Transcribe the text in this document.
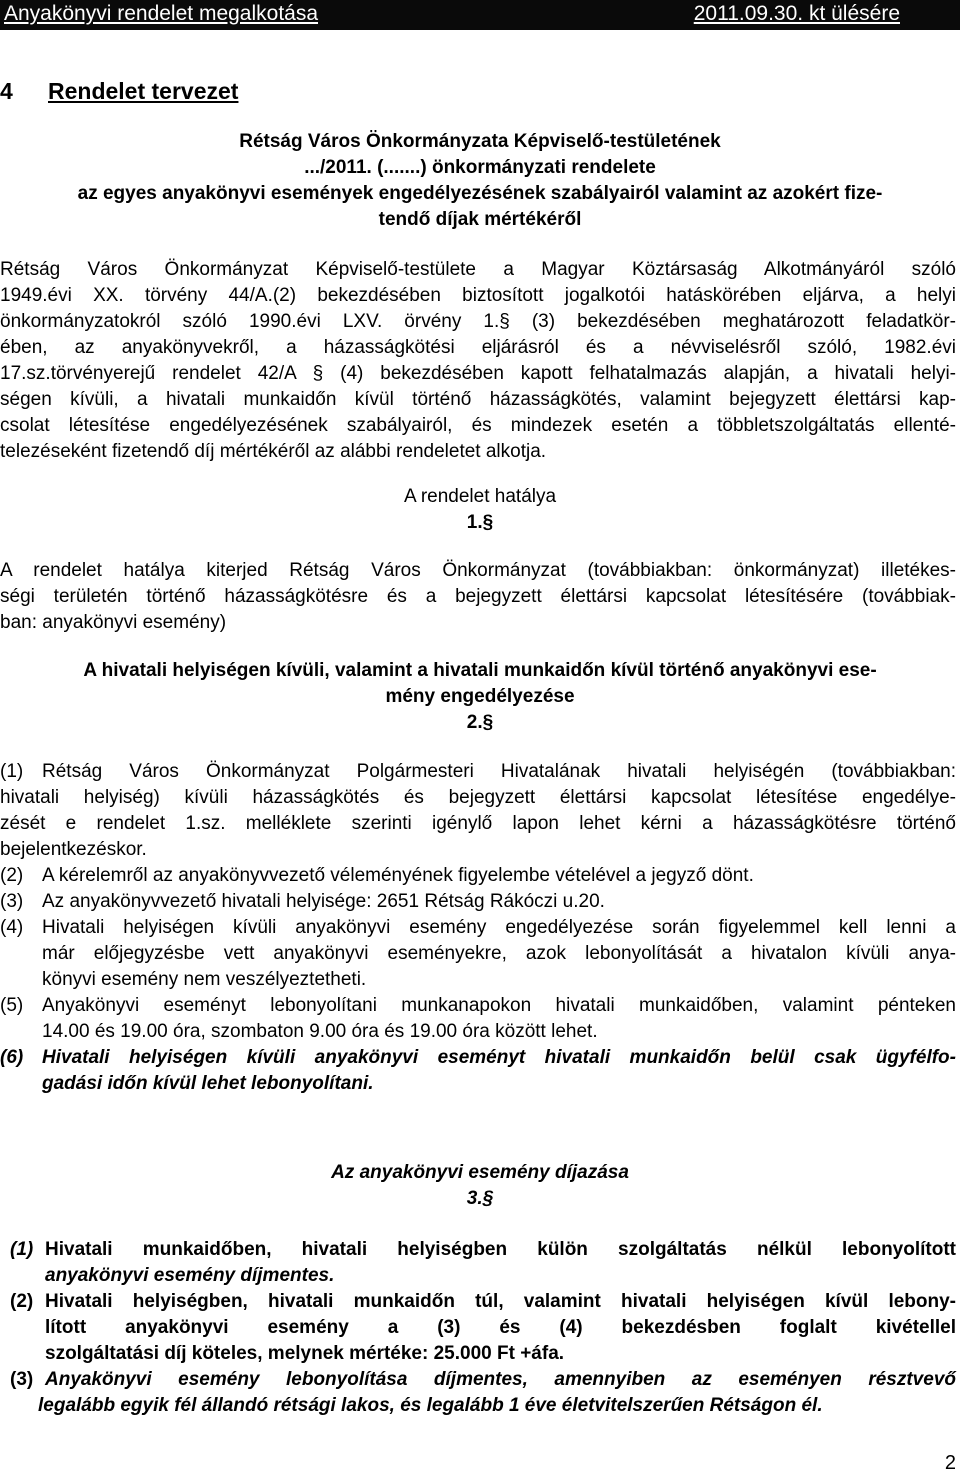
Anyakönyvi rendelet megalkotása	2011.09.30. kt ülésére
4 Rendelet tervezet
Rétság Város Önkormányzata Képviselő-testületének
.../2011. (.......) önkormányzati rendelete
az egyes anyakönyvi események engedélyezésének szabályairól valamint az azokért fize-
tendő díjak mértékéről
Rétság Város Önkormányzat Képviselő-testülete a Magyar Köztársaság Alkotmányáról szóló
1949.évi XX. törvény 44/A.(2) bekezdésében biztosított jogalkotói hatáskörében eljárva, a helyi
önkormányzatokról szóló 1990.évi LXV. örvény 1.§ (3) bekezdésében meghatározott feladatkör-
ében, az anyakönyvekről, a házasságkötési eljárásról és a névviselésről szóló, 1982.évi
17.sz.törvényerejű rendelet 42/A § (4) bekezdésében kapott felhatalmazás alapján, a hivatali helyi-
ségen kívüli, a hivatali munkaidőn kívül történő házasságkötés, valamint bejegyzett élettársi kap-
csolat létesítése engedélyezésének szabályairól, és mindezek esetén a többletszolgáltatás ellenté-
telezéseként fizetendő díj mértékéről az alábbi rendeletet alkotja.
A rendelet hatálya
1.§
A rendelet hatálya kiterjed Rétság Város Önkormányzat (továbbiakban: önkormányzat) illetékes-
ségi területén történő házasságkötésre és a bejegyzett élettársi kapcsolat létesítésére (továbbiak-
ban: anyakönyvi esemény)
A hivatali helyiségen kívüli, valamint a hivatali munkaidőn kívül történő anyakönyvi ese-
mény engedélyezése
2.§
(1) Rétság Város Önkormányzat Polgármesteri Hivatalának hivatali helyiségén (továbbiakban:
hivatali helyiség) kívüli házasságkötés és bejegyzett élettársi kapcsolat létesítése engedélye-
zését e rendelet 1.sz. melléklete szerinti igénylő lapon lehet kérni a házasságkötésre történő
bejelentkezéskor.
(2) A kérelemről az anyakönyvvezető véleményének figyelembe vételével a jegyző dönt.
(3) Az anyakönyvvezető hivatali helyisége: 2651 Rétság Rákóczi u.20.
(4) Hivatali helyiségen kívüli anyakönyvi esemény engedélyezése során figyelemmel kell lenni a
már előjegyzésbe vett anyakönyvi eseményekre, azok lebonyolítását a hivatalon kívüli anya-
könyvi esemény nem veszélyeztetheti.
(5) Anyakönyvi eseményt lebonyolítani munkanapokon hivatali munkaidőben, valamint pénteken
14.00 és 19.00 óra, szombaton 9.00 óra és 19.00 óra között lehet.
(6) Hivatali helyiségen kívüli anyakönyvi eseményt hivatali munkaidőn belül csak ügyfélfo-
gadási időn kívül lehet lebonyolítani.
Az anyakönyvi esemény díjazása
3.§
(1) Hivatali munkaidőben, hivatali helyiségben külön szolgáltatás nélkül lebonyolított
anyakönyvi esemény díjmentes.
(2) Hivatali helyiségben, hivatali munkaidőn túl, valamint hivatali helyiségen kívül lebony-
lított anyakönyvi esemény a (3) és (4) bekezdésben foglalt kivétellel
szolgáltatási díj köteles, melynek mértéke: 25.000 Ft +áfa.
(3) Anyakönyvi esemény lebonyolítása díjmentes, amennyiben az eseményen résztvevő
legalább egyik fél állandó rétsági lakos, és legalább 1 éve életvitelszerűen Rétságon él.
2
